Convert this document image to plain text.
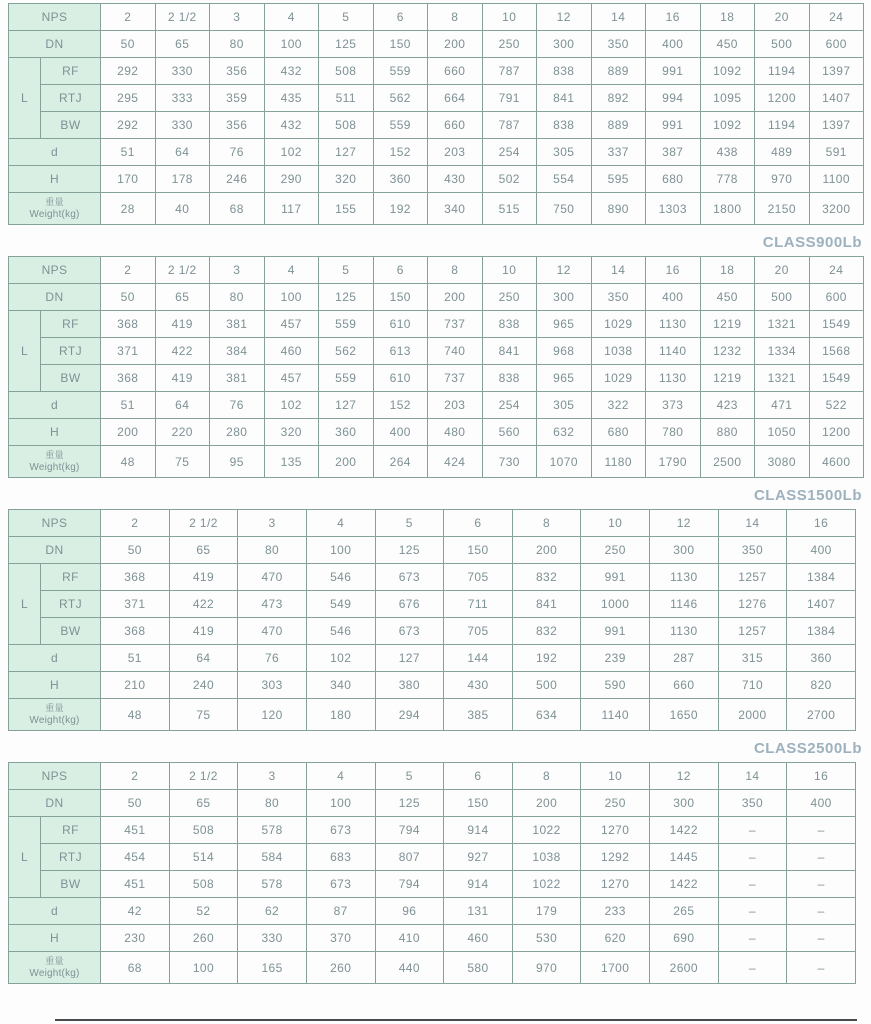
NPS		2	2 1/2	3	4	5	6	8	10	12	14	16	18	20	24
DN		50	65	80	100	125	150	200	250	300	350	400	450	500	600
L	RF	292	330	356	432	508	559	660	787	838	889	991	1092	1194	1397
	RTJ	295	333	359	435	511	562	664	791	841	892	994	1095	1200	1407
	BW	292	330	356	432	508	559	660	787	838	889	991	1092	1194	1397
d		51	64	76	102	127	152	203	254	305	337	387	438	489	591
H		170	178	246	290	320	360	430	502	554	595	680	778	970	1100

重量
Weight(kg)		28	40	68	117	155	192	340	515	750	890	1303	1800	2150	3200
CLASS900Lb
NPS		2	2 1/2	3	4	5	6	8	10	12	14	16	18	20	24
DN		50	65	80	100	125	150	200	250	300	350	400	450	500	600
L	RF	368	419	381	457	559	610	737	838	965	1029	1130	1219	1321	1549
	RTJ	371	422	384	460	562	613	740	841	968	1038	1140	1232	1334	1568
	BW	368	419	381	457	559	610	737	838	965	1029	1130	1219	1321	1549
d		51	64	76	102	127	152	203	254	305	322	373	423	471	522
H		200	220	280	320	360	400	480	560	632	680	780	880	1050	1200

重量
Weight(kg)		48	75	95	135	200	264	424	730	1070	1180	1790	2500	3080	4600
CLASS1500Lb
NPS		2	2 1/2	3	4	5	6	8	10	12	14	16
DN		50	65	80	100	125	150	200	250	300	350	400
L	RF	368	419	470	546	673	705	832	991	1130	1257	1384
	RTJ	371	422	473	549	676	711	841	1000	1146	1276	1407
	BW	368	419	470	546	673	705	832	991	1130	1257	1384
d		51	64	76	102	127	144	192	239	287	315	360
H		210	240	303	340	380	430	500	590	660	710	820

重量
Weight(kg)		48	75	120	180	294	385	634	1140	1650	2000	2700
CLASS2500Lb
NPS		2	2 1/2	3	4	5	6	8	10	12	14	16
DN		50	65	80	100	125	150	200	250	300	350	400
L	RF	451	508	578	673	794	914	1022	1270	1422	–	–
	RTJ	454	514	584	683	807	927	1038	1292	1445	–	–
	BW	451	508	578	673	794	914	1022	1270	1422	–	–
d		42	52	62	87	96	131	179	233	265	–	–
H		230	260	330	370	410	460	530	620	690	–	–

重量
Weight(kg)		68	100	165	260	440	580	970	1700	2600	–	–
